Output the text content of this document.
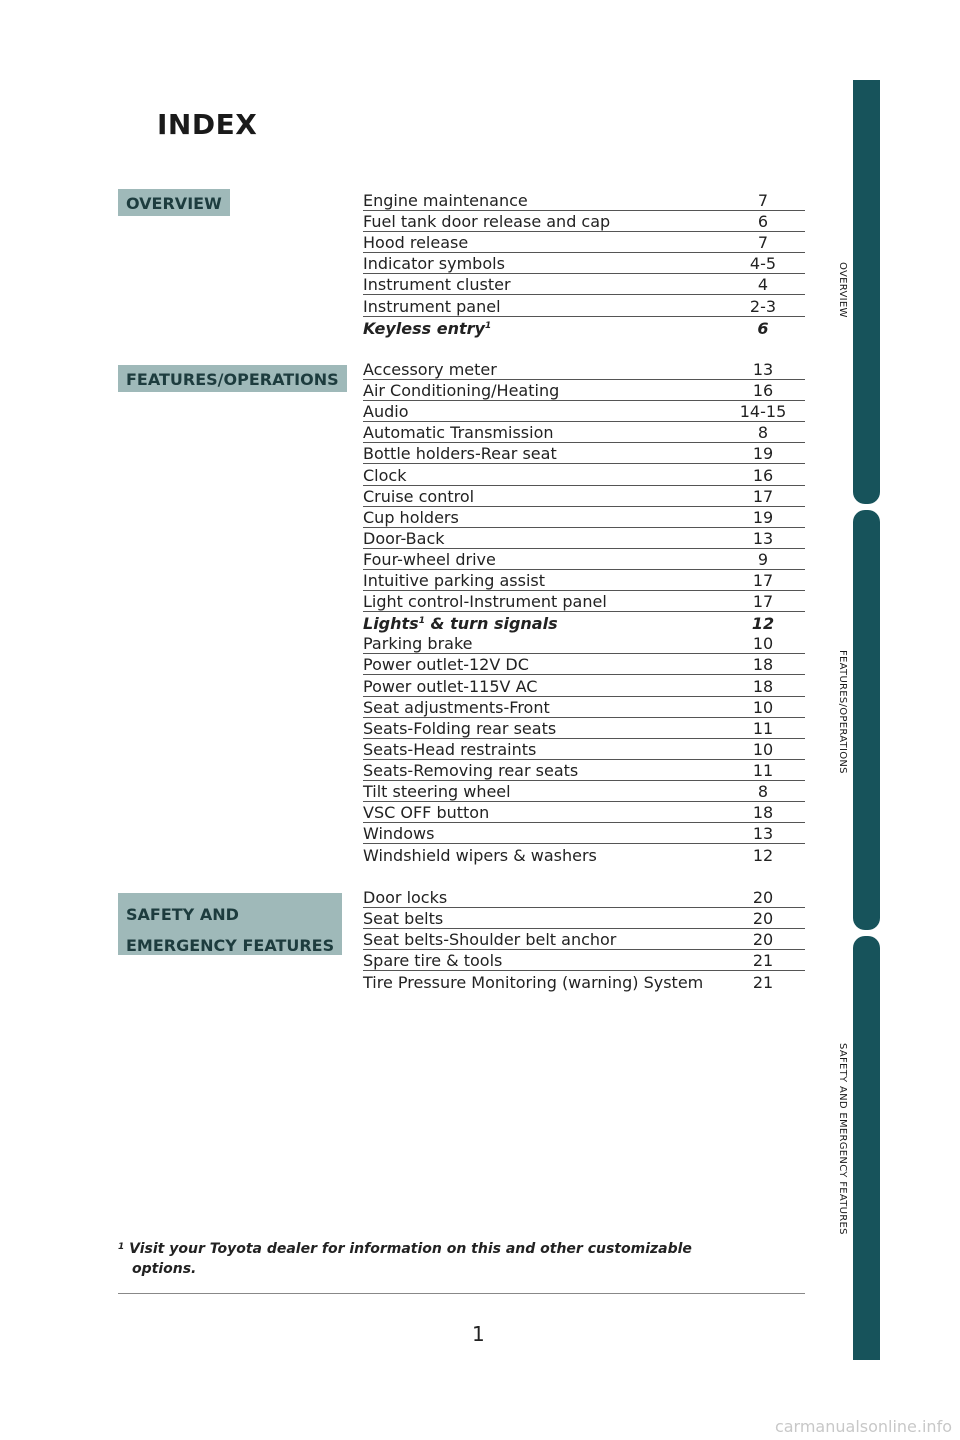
INDEX
OVERVIEW
FEATURES/OPERATIONS
SAFETY AND
EMERGENCY FEATURES
Engine maintenance	7
Fuel tank door release and cap	6
Hood release	7
Indicator symbols	4-5
Instrument cluster	4
Instrument panel	2-3
Keyless entry$^1$	6
Accessory meter	13
Air Conditioning/Heating	16
Audio	14-15
Automatic Transmission	8
Bottle holders-Rear seat	19
Clock	16
Cruise control	17
Cup holders	19
Door-Back	13
Four-wheel drive	9
Intuitive parking assist	17
Light control-Instrument panel	17
Lights$^1$ & turn signals	12
Parking brake	10
Power outlet-12V DC	18
Power outlet-115V AC	18
Seat adjustments-Front	10
Seats-Folding rear seats	11
Seats-Head restraints	10
Seats-Removing rear seats	11
Tilt steering wheel	8
VSC OFF button	18
Windows	13
Windshield wipers & washers	12
Door locks	20
Seat belts	20
Seat belts-Shoulder belt anchor	20
Spare tire & tools	21
Tire Pressure Monitoring (warning) System	21
$^1$ Visit your Toyota dealer for information on this and other customizable
options.
1
OVERVIEW
FEATURES/OPERATIONS
SAFETY AND EMERGENCY FEATURES
carmanualsonline.info
